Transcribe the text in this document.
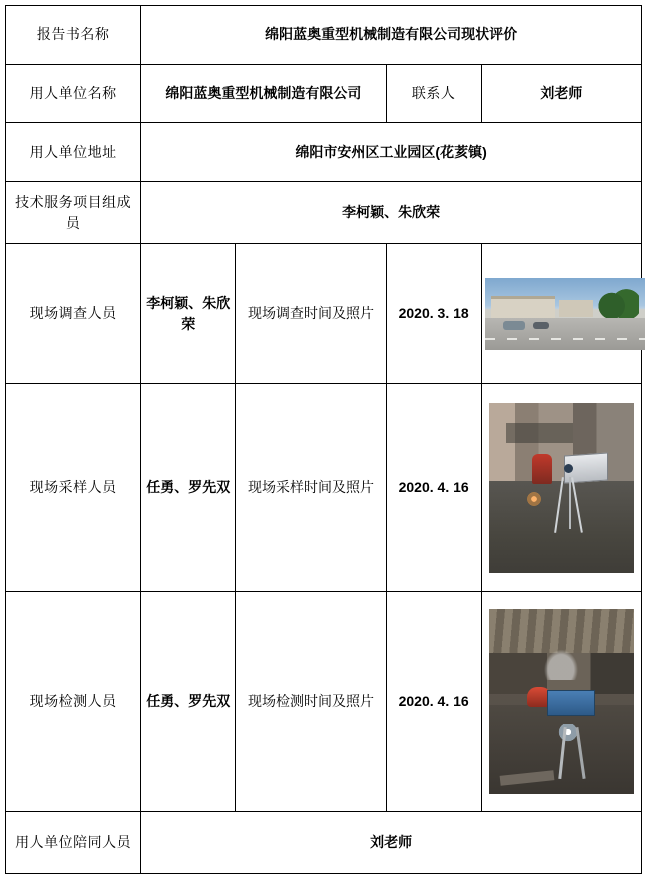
报告书名称	绵阳蓝奥重型机械制造有限公司现状评价			
用人单位名称	绵阳蓝奥重型机械制造有限公司		联系人	刘老师
用人单位地址	绵阳市安州区工业园区(花荄镇)			
技术服务项目组成员	李柯颖、朱欣荣			
现场调查人员	李柯颖、朱欣荣	现场调查时间及照片	2020. 3. 18	

现场采样人员	任勇、罗先双	现场采样时间及照片	2020. 4. 16	

现场检测人员	任勇、罗先双	现场检测时间及照片	2020. 4. 16	

用人单位陪同人员	刘老师			
